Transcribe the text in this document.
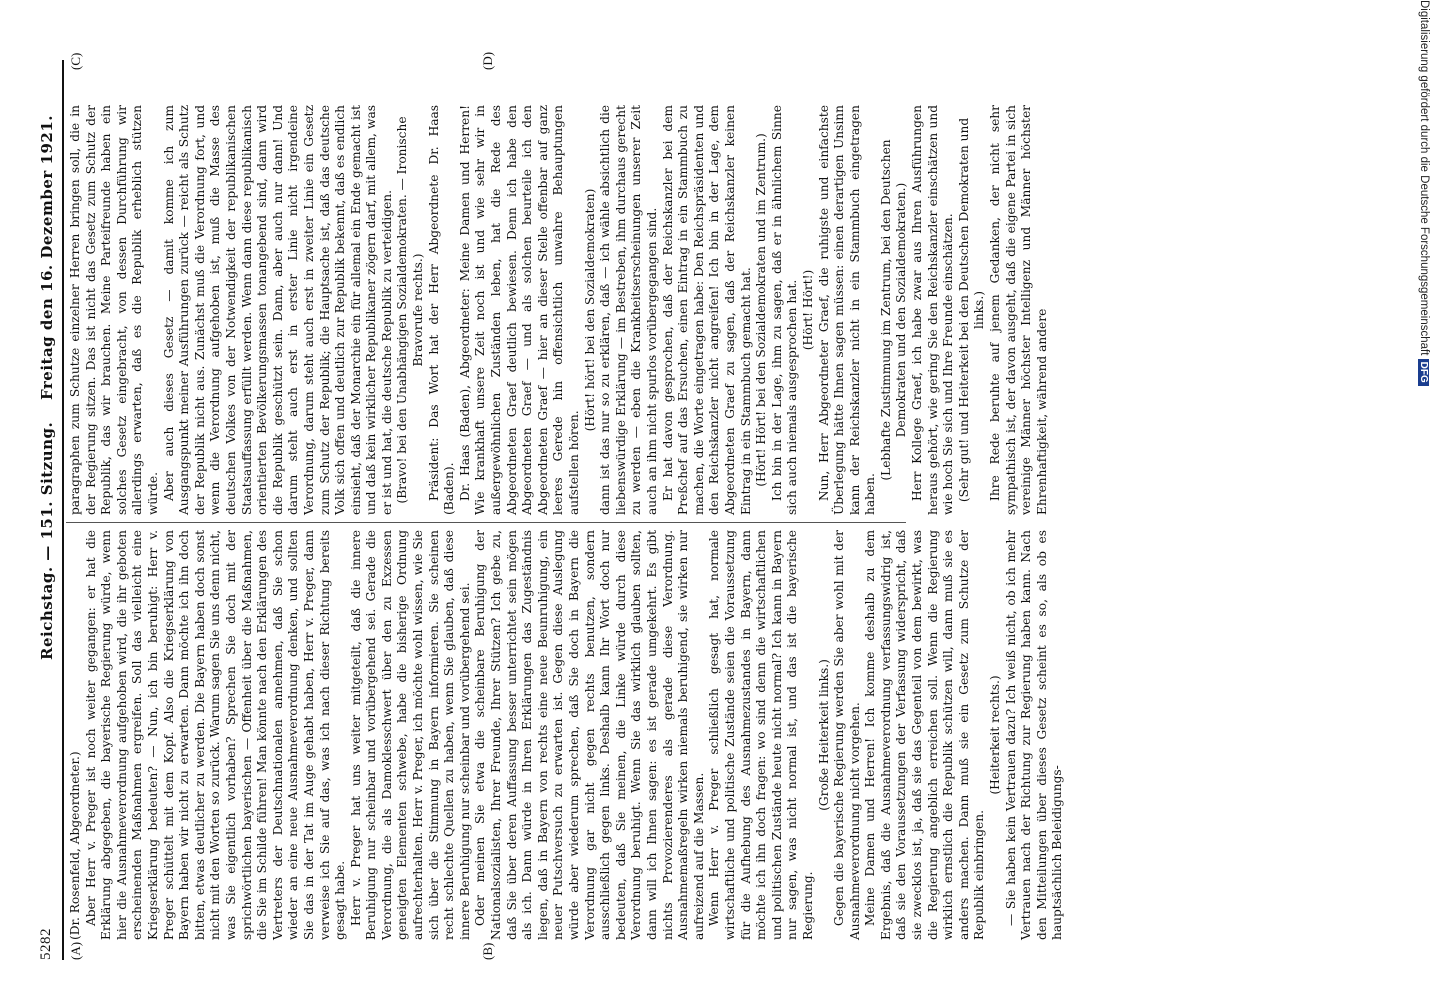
5282
Reichstag. — 151. Sitzung.
Freitag den 16. Dezember 1921.
(A)	(B)
(C)	(D)

(Dr. Rosenfeld, Abgeordneter.) Aber Herr v. Preger ist noch weiter gegangen: er hat die Erklärung abgegeben, die bayerische Regierung würde, wenn hier die Ausnahmeverordnung aufgehoben wird, die ihr geboten erscheinenden Maßnahmen ergreifen. Soll das vielleicht eine Kriegserklärung bedeuten? — Nun, ich bin beruhigt: Herr v. Preger schüttelt mit dem Kopf. Also die Kriegserklärung von Bayern haben wir nicht zu erwarten. Dann möchte ich ihn doch bitten, etwas deutlicher zu werden. Die Bayern haben doch sonst nicht mit den Worten so zurück. Warum sagen Sie uns denn nicht, was Sie eigentlich vorhaben? Sprechen Sie doch mit der sprichwörtlichen bayerischen — Offenheit über die Maßnahmen, die Sie im Schilde führen! Man könnte nach den Erklärungen des Vertreters der Deutschnationalen annehmen, daß Sie schon wieder an eine neue Ausnahmeverordnung denken, und sollten Sie das in der Tat im Auge gehabt haben, Herr v. Preger, dann verweise ich Sie auf das, was ich nach dieser Richtung bereits gesagt habe. Herr v. Preger hat uns weiter mitgeteilt, daß die innere Beruhigung nur scheinbar und vorübergehend sei. Gerade die Verordnung, die als Damoklesschwert über den zu Exzessen geneigten Elementen schwebe, habe die bisherige Ordnung aufrechterhalten. Herr v. Preger, ich möchte wohl wissen, wie Sie sich über die Stimmung in Bayern informieren. Sie scheinen recht schlechte Quellen zu haben, wenn Sie glauben, daß diese innere Beruhigung nur scheinbar und vorübergehend sei. Oder meinen Sie etwa die scheinbare Beruhigung der Nationalsozialisten, Ihrer Freunde, Ihrer Stützen? Ich gebe zu, daß Sie über deren Auffassung besser unterrichtet sein mögen als ich. Dann würde in Ihren Erklärungen das Zugeständnis liegen, daß in Bayern von rechts eine neue Beunruhigung, ein neuer Putschversuch zu erwarten ist. Gegen diese Auslegung würde aber wiederum sprechen, daß Sie doch in Bayern die Verordnung gar nicht gegen rechts benutzen, sondern ausschließlich gegen links. Deshalb kann Ihr Wort doch nur bedeuten, daß Sie meinen, die Linke würde durch diese Verordnung beruhigt. Wenn Sie das wirklich glauben sollten, dann will ich Ihnen sagen: es ist gerade umgekehrt. Es gibt nichts Provozierenderes als gerade diese Verordnung. Ausnahmemaßregeln wirken niemals beruhigend, sie wirken nur aufreizend auf die Massen. Wenn Herr v. Preger schließlich gesagt hat, normale wirtschaftliche und politische Zustände seien die Voraussetzung für die Aufhebung des Ausnahmezustandes in Bayern, dann möchte ich ihn doch fragen: wo sind denn die wirtschaftlichen und politischen Zustände heute nicht normal? Ich kann in Bayern nur sagen, was nicht normal ist, und das ist die bayerische Regierung.

(Große Heiterkeit links.) Gegen die bayerische Regierung werden Sie aber wohl mit der Ausnahmeverordnung nicht vorgehen. Meine Damen und Herren! Ich komme deshalb zu dem Ergebnis, daß die Ausnahmeverordnung verfassungswidrig ist, daß sie den Voraussetzungen der Verfassung widerspricht, daß sie zwecklos ist, ja, daß sie das Gegenteil von dem bewirkt, was die Regierung angeblich erreichen soll. Wenn die Regierung wirklich ernstlich die Republik schützen will, dann muß sie es anders machen. Dann muß sie ein Gesetz zum Schutze der Republik einbringen.

(Heiterkeit rechts.) — Sie haben kein Vertrauen dazu? Ich weiß nicht, ob ich mehr Vertrauen nach der Richtung zur Regierung haben kann. Nach den Mitteilungen über dieses Gesetz scheint es so, als ob es hauptsächlich Beleidigungs-

paragraphen zum Schutze einzelner Herren bringen soll, die in der Regierung sitzen. Das ist nicht das Gesetz zum Schutz der Republik, das wir brauchen. Meine Parteifreunde haben ein solches Gesetz eingebracht, von dessen Durchführung wir allerdings erwarten, daß es die Republik erheblich stützen würde. Aber auch dieses Gesetz — damit komme ich zum Ausgangspunkt meiner Ausführungen zurück — reicht als Schutz der Republik nicht aus. Zunächst muß die Verordnung fort, und wenn die Verordnung aufgehoben ist, muß die Masse des deutschen Volkes von der Notwendigkeit der republikanischen Staatsauffassung erfüllt werden. Wenn dann diese republikanisch orientierten Bevölkerungsmassen tonangebend sind, dann wird die Republik geschützt sein. Dann, aber auch nur dann! Und darum steht auch erst in erster Linie nicht irgendeine Verordnung, darum steht auch erst in zweiter Linie ein Gesetz zum Schutz der Republik; die Hauptsache ist, daß das deutsche Volk sich offen und deutlich zur Republik bekennt, daß es endlich einsieht, daß der Monarchie ein für allemal ein Ende gemacht ist und daß kein wirklicher Republikaner zögern darf, mit allem, was er ist und hat, die deutsche Republik zu verteidigen. (Bravo! bei den Unabhängigen Sozialdemokraten. — Ironische Bravorufe rechts.) Präsident: Das Wort hat der Herr Abgeordnete Dr. Haas (Baden). Dr. Haas (Baden), Abgeordneter: Meine Damen und Herren! Wie krankhaft unsere Zeit noch ist und wie sehr wir in außergewöhnlichen Zuständen leben, hat die Rede des Abgeordneten Graef deutlich bewiesen. Denn ich habe den Abgeordneten Graef — und als solchen beurteile ich den Abgeordneten Graef — hier an dieser Stelle offenbar auf ganz leeres Gerede hin offensichtlich unwahre Behauptungen aufstellen hören.

(Hört! hört! bei den Sozialdemokraten) dann ist das nur so zu erklären, daß — ich wähle absichtlich die liebenswürdige Erklärung — im Bestreben, ihm durchaus gerecht zu werden — eben die Krankheitserscheinungen unserer Zeit auch an ihm nicht spurlos vorübergegangen sind. Er hat davon gesprochen, daß der Reichskanzler bei dem Preßchef auf das Ersuchen, einen Eintrag in ein Stammbuch zu machen, die Worte eingetragen habe: Den Reichspräsidenten und den Reichskanzler nicht angreifen! Ich bin in der Lage, dem Abgeordneten Graef zu sagen, daß der Reichskanzler keinen Eintrag in ein Stammbuch gemacht hat. (Hört! Hört! bei den Sozialdemokraten und im Zentrum.) Ich bin in der Lage, ihm zu sagen, daß er in ähnlichem Sinne sich auch niemals ausgesprochen hat. (Hört! Hört!) Nun, Herr Abgeordneter Graef, die ruhigste und einfachste Überlegung hätte Ihnen sagen müssen: einen derartigen Unsinn kann der Reichskanzler nicht in ein Stammbuch eingetragen haben.

(Lebhafte Zustimmung im Zentrum, bei den Deutschen Demokraten und den Sozialdemokraten.) Herr Kollege Graef, ich habe zwar aus Ihren Ausführungen heraus gehört, wie gering Sie den Reichskanzler einschätzen und wie hoch Sie sich und Ihre Freunde einschätzen. (Sehr gut! und Heiterkeit bei den Deutschen Demokraten und links.) Ihre Rede beruhte auf jenem Gedanken, der nicht sehr sympathisch ist, der davon ausgeht, daß die eigene Partei in sich vereinige Männer höchster Intelligenz und Männer höchster Ehrenhaftigkeit, während andere

Digitalisierung gefördert durch die Deutsche Forschungsgemeinschaft DFG
